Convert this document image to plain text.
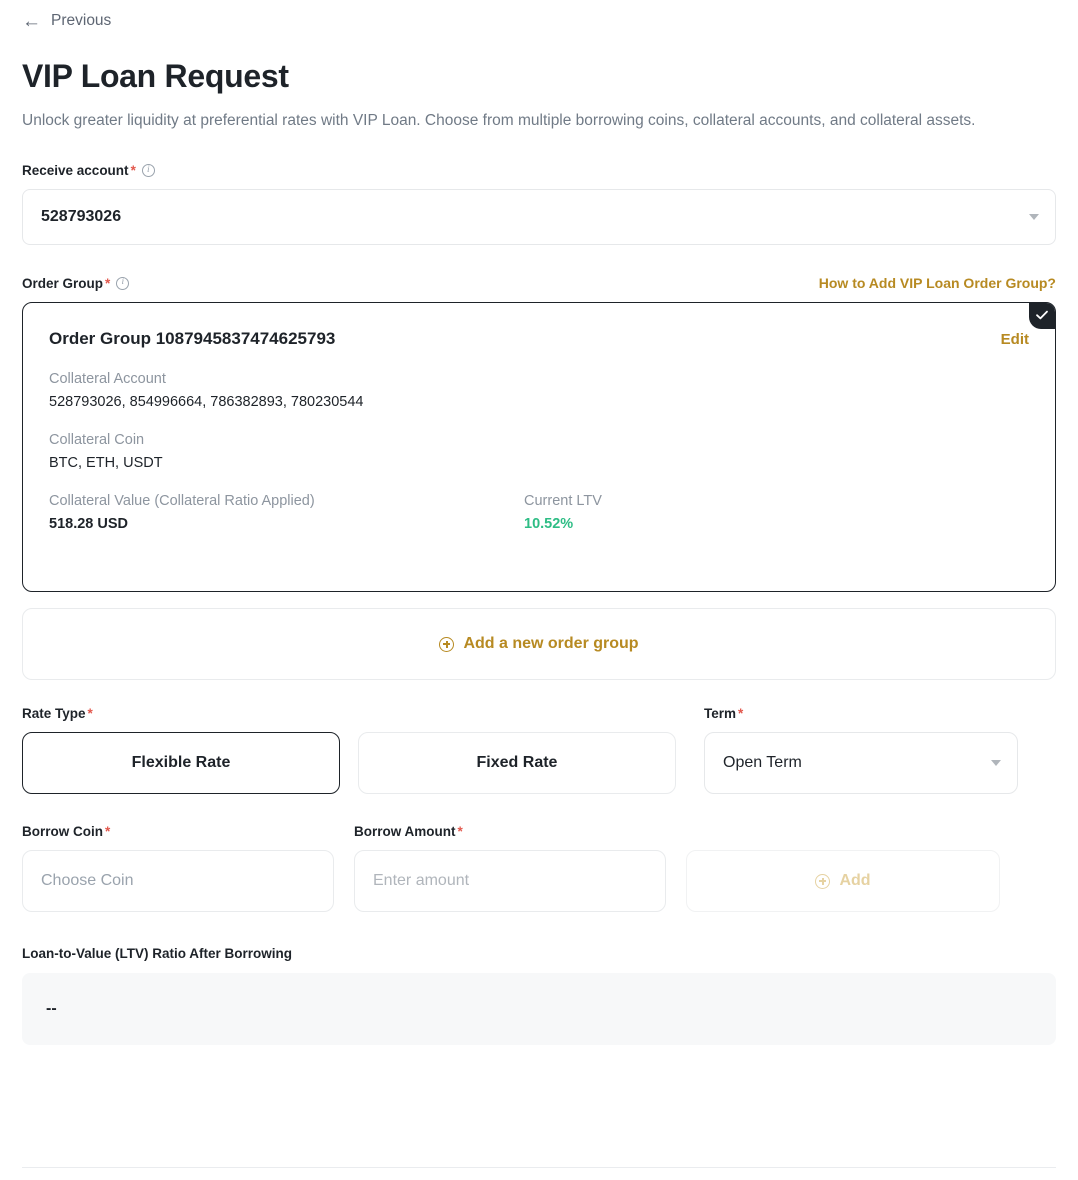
← Previous
VIP Loan Request

Unlock greater liquidity at preferential rates with VIP Loan. Choose from multiple borrowing coins, collateral accounts, and collateral assets.

Receive account *	i
528793026
Order Group *	i	How to Add VIP Loan Order Group?
Order Group 1087945837474625793	Edit
Collateral Account
528793026, 854996664, 786382893, 780230544
Collateral Coin
BTC, ETH, USDT
Collateral Value (Collateral Ratio Applied)
518.28 USD
Current LTV
10.52%
Add a new order group
Rate Type *
Flexible Rate	Fixed Rate
Term *
Open Term
Borrow Coin *
Choose Coin
Borrow Amount *
Enter amount
Add
Loan-to-Value (LTV) Ratio After Borrowing
--
